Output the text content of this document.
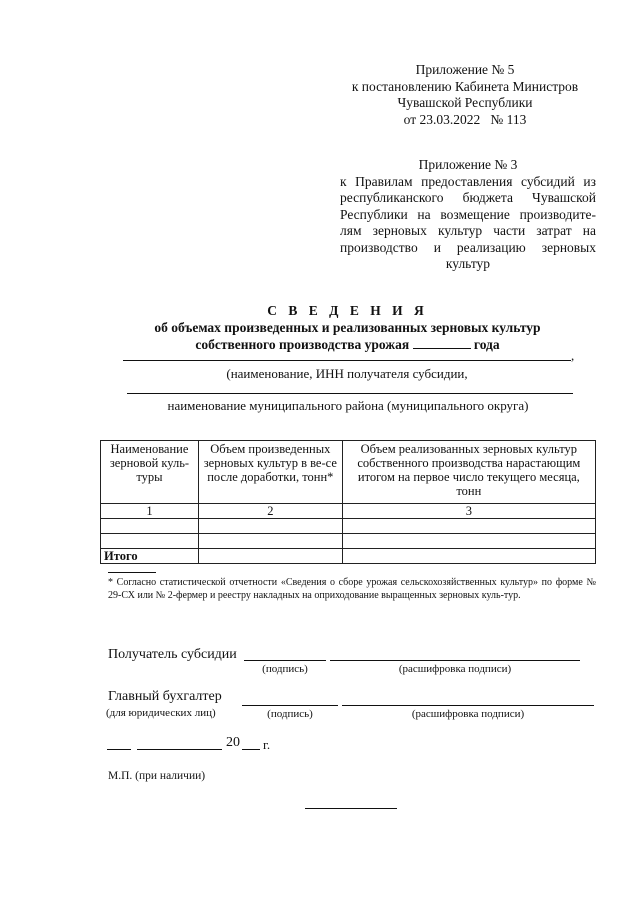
Приложение № 5
к постановлению Кабинета Министров
Чувашской Республики
от 23.03.2022   № 113
Приложение № 3
к Правилам предоставления субсидий из
республиканского бюджета Чувашской
Республики на возмещение производите-
лям зерновых культур части затрат на
производство и реализацию зерновых
культур
С В Е Д Е Н И Я
об объемах произведенных и реализованных зерновых культур
собственного производства урожая	года
,
(наименование, ИНН получателя субсидии,
наименование муниципального района (муниципального округа)
Наименование зерновой куль-туры	Объем произведенных зерновых культур в ве-се после доработки, тонн*	Объем реализованных зерновых культур собственного производства нарастающим итогом на первое число текущего месяца, тонн
1	2	3

Итого		
* Согласно статистической отчетности «Сведения о сборе урожая сельскохозяйственных культур» по форме № 29-СХ или № 2-фермер и реестру накладных на оприходование выращенных зерновых куль-тур.
Получатель субсидии
(подпись)	(расшифровка подписи)
Главный бухгалтер
(для юридических лиц)	(подпись)	(расшифровка подписи)
20 г.
М.П. (при наличии)
